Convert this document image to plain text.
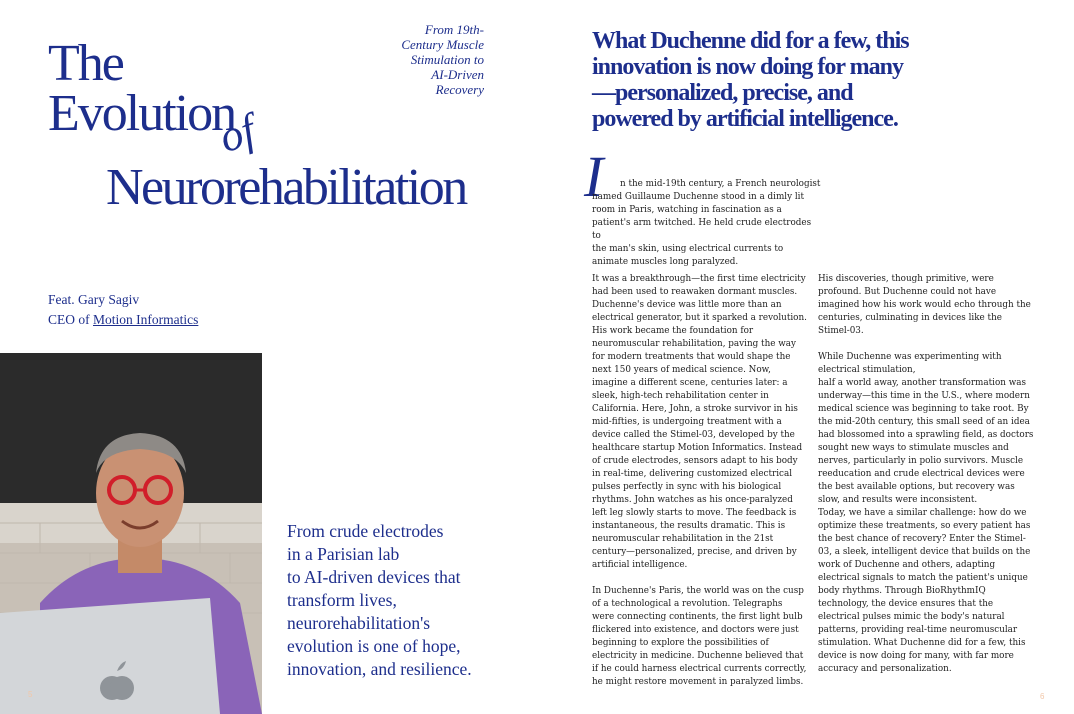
The
Evolution
of
Neurorehabilitation
From 19th-
Century Muscle
Stimulation to
AI-Driven
Recovery
Feat. Gary Sagiv
CEO of Motion Informatics
From crude electrodes
in a Parisian lab
to AI-driven devices that
transform lives,
neurorehabilitation's
evolution is one of hope,
innovation, and resilience.
5
What Duchenne did for a few, this
innovation is now doing for many
—personalized, precise, and
powered by artificial intelligence.
I	n the mid-19th century, a French neurologist

named Guillaume Duchenne stood in a dimly lit

room in Paris, watching in fascination as a

patient's arm twitched. He held crude electrodes to

the man's skin, using electrical currents to

animate muscles long paralyzed.

It was a breakthrough—the first time electricity had been used to reawaken dormant muscles. Duchenne's device was little more than an electrical generator, but it sparked a revolution. His work became the foundation for neuromuscular rehabilitation, paving the way for modern treatments that would shape the next 150 years of medical science. Now, imagine a different scene, centuries later: a sleek, high-tech rehabilitation center in California. Here, John, a stroke survivor in his mid-fifties, is undergoing treatment with a device called the Stimel-03, developed by the healthcare startup Motion Informatics. Instead of crude electrodes, sensors adapt to his body in real-time, delivering customized electrical pulses perfectly in sync with his biological rhythms. John watches as his once-paralyzed left leg slowly starts to move. The feedback is instantaneous, the results dramatic. This is neuromuscular rehabilitation in the 21st century—personalized, precise, and driven by artificial intelligence.

In Duchenne's Paris, the world was on the cusp of a technological a revolution. Telegraphs were connecting continents, the first light bulb flickered into existence, and doctors were just beginning to explore the possibilities of electricity in medicine. Duchenne believed that if he could harness electrical currents correctly, he might restore movement in paralyzed limbs.

His discoveries, though primitive, were profound. But Duchenne could not have imagined how his work would echo through the centuries, culminating in devices like the Stimel-03.

While Duchenne was experimenting with electrical stimulation,

half a world away, another transformation was underway—this time in the U.S., where modern medical science was beginning to take root. By the mid-20th century, this small seed of an idea had blossomed into a sprawling field, as doctors sought new ways to stimulate muscles and nerves, particularly in polio survivors. Muscle reeducation and crude electrical devices were the best available options, but recovery was slow, and results were inconsistent.

Today, we have a similar challenge: how do we optimize these treatments, so every patient has the best chance of recovery? Enter the Stimel-03, a sleek, intelligent device that builds on the work of Duchenne and others, adapting electrical signals to match the patient's unique body rhythms. Through BioRhythmIQ technology, the device ensures that the electrical pulses mimic the body's natural patterns, providing real-time neuromuscular stimulation. What Duchenne did for a few, this device is now doing for many, with far more accuracy and personalization.

6
